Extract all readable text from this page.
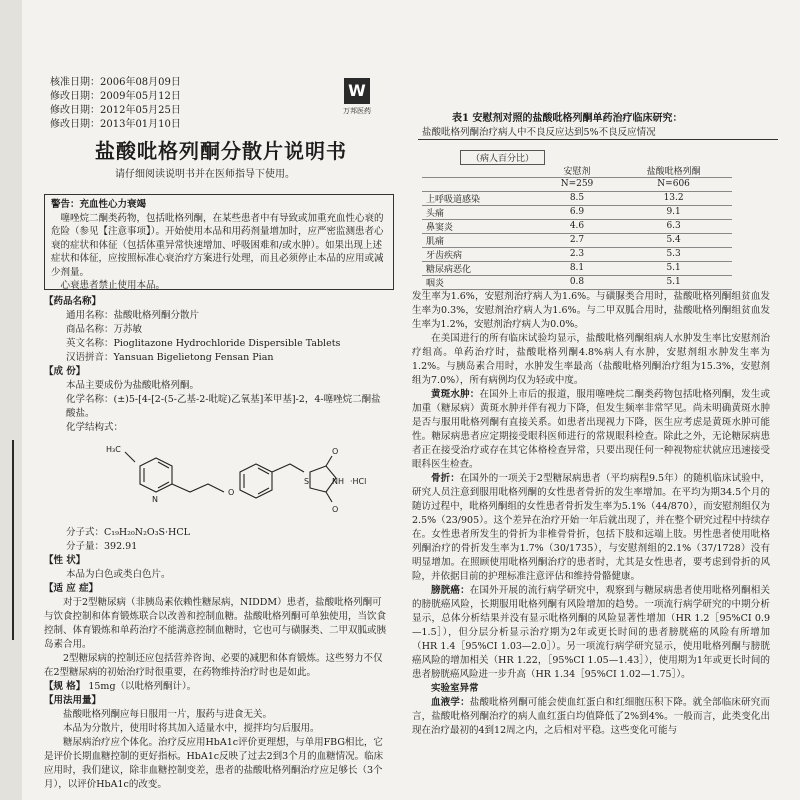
核准日期：2006年08月09日
修改日期：2009年05月12日
修改日期：2012年05月25日
修改日期：2013年01月10日
W
万邦医药
盐酸吡格列酮分散片说明书
请仔细阅读说明书并在医师指导下使用。
警告：充血性心力衰竭

噻唑烷二酮类药物，包括吡格列酮，在某些患者中有导致或加重充血性心衰的危险（参见【注意事项】）。开始使用本品和用药剂量增加时，应严密监测患者心衰的症状和体征（包括体重异常快速增加、呼吸困难和/或水肿）。如果出现上述症状和体征，应按照标准心衰治疗方案进行处理，而且必须停止本品的应用或减少剂量。

心衰患者禁止使用本品。

【药品名称】
通用名称：盐酸吡格列酮分散片
商品名称：万苏敏
英文名称：Pioglitazone Hydrochloride Dispersible Tablets
汉语拼音：Yansuan Bigelietong Fensan Pian
【成 份】
本品主要成份为盐酸吡格列酮。
化学名称：(±)5-[4-[2-(5-乙基-2-吡啶)乙氧基]苯甲基]-2，4-噻唑烷二酮盐酸盐。
化学结构式：
H₃C
N
O
S	NH
O
O
·HCl
分子式：C₁₉H₂₀N₂O₃S·HCL
分子量：392.91
【性 状】
本品为白色或类白色片。
【适 应 症】
对于2型糖尿病（非胰岛素依赖性糖尿病，NIDDM）患者，盐酸吡格列酮可与饮食控制和体育锻炼联合以改善和控制血糖。盐酸吡格列酮可单独使用，当饮食控制、体育锻炼和单药治疗不能满意控制血糖时，它也可与磺脲类、二甲双胍或胰岛素合用。
2型糖尿病的控制还应包括营养咨询、必要的减肥和体育锻炼。这些努力不仅在2型糖尿病的初始治疗时很重要，在药物维持治疗时也是如此。
【规 格】 15mg（以吡格列酮计）。
【用法用量】
盐酸吡格列酮应每日服用一片，服药与进食无关。
本品为分散片，使用时将其加入适量水中，搅拌均匀后服用。
糖尿病治疗应个体化。治疗反应用HbA1c评价更理想，与单用FBG相比，它是评价长期血糖控制的更好指标。HbA1c反映了过去2到3个月的血糖情况。临床应用时，我们建议，除非血糖控制变差，患者的盐酸吡格列酮治疗应足够长（3个月），以评价HbA1c的改变。
表1 安慰剂对照的盐酸吡格列酮单药治疗临床研究：
盐酸吡格列酮治疗病人中不良反应达到5%不良反应情况
（病人百分比）
	安慰剂	盐酸吡格列酮
	N=259	N=606
上呼吸道感染	8.5	13.2
头痛	6.9	9.1
鼻窦炎	4.6	6.3
肌痛	2.7	5.4
牙齿疾病	2.3	5.3
糖尿病恶化	8.1	5.1
咽炎	0.8	5.1

发生率为1.6%，安慰剂治疗病人为1.6%。与磺脲类合用时，盐酸吡格列酮组贫血发生率为0.3%，安慰剂治疗病人为1.6%。与二甲双胍合用时，盐酸吡格列酮组贫血发生率为1.2%，安慰剂治疗病人为0.0%。

在美国进行的所有临床试验均显示，盐酸吡格列酮组病人水肿发生率比安慰剂治疗组高。单药治疗时，盐酸吡格列酮4.8%病人有水肿，安慰剂组水肿发生率为1.2%。与胰岛素合用时，水肿发生率最高（盐酸吡格列酮治疗组为15.3%，安慰剂组为7.0%），所有病例均仅为轻或中度。

黄斑水肿：在国外上市后的报道，服用噻唑烷二酮类药物包括吡格列酮，发生或加重（糖尿病）黄斑水肿并伴有视力下降，但发生频率非常罕见。尚未明确黄斑水肿是否与服用吡格列酮有直接关系。如患者出现视力下降，医生应考虑是黄斑水肿可能性。糖尿病患者应定期接受眼科医师进行的常规眼科检查。除此之外，无论糖尿病患者正在接受治疗或存在其它体格检查异常，只要出现任何一种视物症状就应迅速接受眼科医生检查。

骨折：在国外的一项关于2型糖尿病患者（平均病程9.5年）的随机临床试验中，研究人员注意到服用吡格列酮的女性患者骨折的发生率增加。在平均为期34.5个月的随访过程中，吡格列酮组的女性患者骨折发生率为5.1%（44/870），而安慰剂组仅为2.5%（23/905）。这个差异在治疗开始一年后就出现了，并在整个研究过程中持续存在。女性患者所发生的骨折为非椎骨骨折，包括下肢和远端上肢。男性患者使用吡格列酮治疗的骨折发生率为1.7%（30/1735），与安慰剂组的2.1%（37/1728）没有明显增加。在照顾使用吡格列酮治疗的患者时，尤其是女性患者，要考虑到骨折的风险，并依据目前的护理标准注意评估和维持骨骼健康。

膀胱癌：在国外开展的流行病学研究中，观察到与糖尿病患者使用吡格列酮相关的膀胱癌风险，长期服用吡格列酮有风险增加的趋势。一项流行病学研究的中期分析显示，总体分析结果并没有显示吡格列酮的风险显著性增加（HR 1.2［95%CI 0.9—1.5］），但分层分析显示治疗期为2年或更长时间的患者膀胱癌的风险有所增加（HR 1.4［95%CI 1.03—2.0］）。另一项流行病学研究显示，使用吡格列酮与膀胱癌风险的增加相关（HR 1.22，［95%CI 1.05—1.43］），使用期为1年或更长时间的患者膀胱癌风险进一步升高（HR 1.34［95%CI 1.02—1.75］）。

实验室异常

血液学：盐酸吡格列酮可能会使血红蛋白和红细胞压积下降。就全部临床研究而言，盐酸吡格列酮治疗的病人血红蛋白均值降低了2%到4%。一般而言，此类变化出现在治疗最初的4到12周之内，之后相对平稳。这些变化可能与
